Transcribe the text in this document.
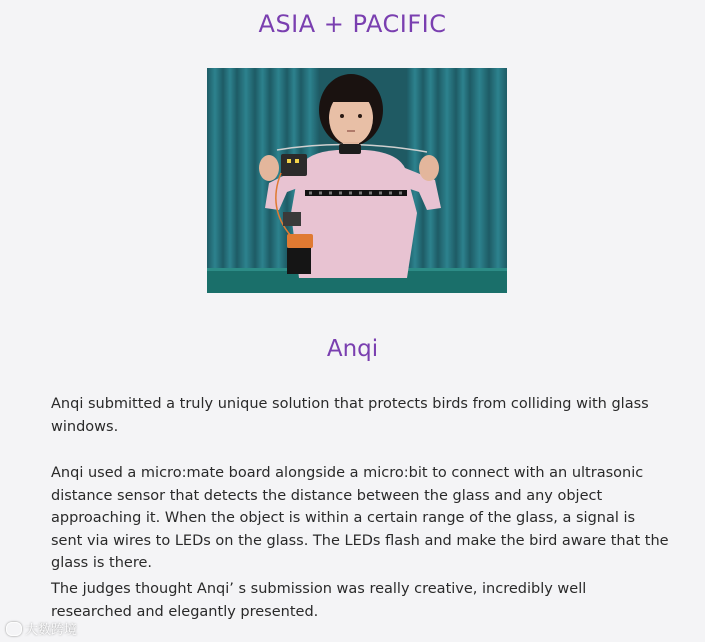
ASIA + PACIFIC
Anqi

Anqi submitted a truly unique solution that protects birds from colliding with glass windows.

Anqi used a micro:mate board alongside a micro:bit to connect with an ultrasonic distance sensor that detects the distance between the glass and any object approaching it. When the object is within a certain range of the glass, a signal is sent via wires to LEDs on the glass. The LEDs flash and make the bird aware that the glass is there.

The judges thought Anqi’ s submission was really creative, incredibly well researched and elegantly presented.

大数跨境
